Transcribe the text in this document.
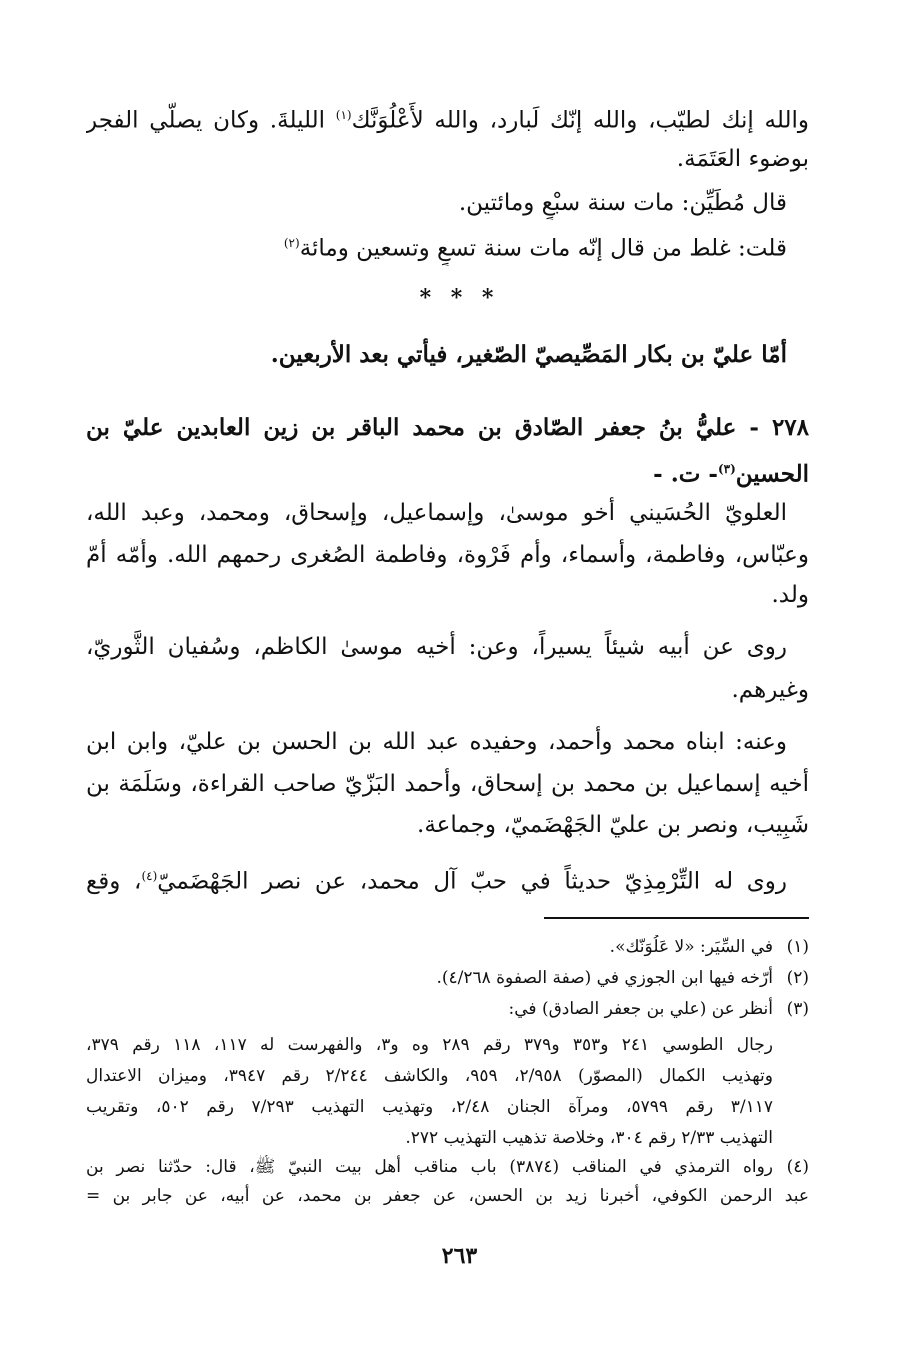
والله إنك لطيّب، والله إنّك لَبارد، والله لأَعْلُوَنَّك$^{(١)}$ الليلةَ. وكان يصلّي الفجر
بوضوء العَتَمَة.
قال مُطَيِّن: مات سنة سبْعٍ ومائتين.
قلت: غلط من قال إنّه مات سنة تسعٍ وتسعين ومائة$^{(٢)}$
* * *
أمّا عليّ بن بكار المَصِّيصيّ الصّغير، فيأتي بعد الأربعين.
٢٧٨ - عليُّ بنُ جعفر الصّادق بن محمد الباقر بن زين العابدين عليّ بن
الحسين$^{(٣)}$- ت. -
العلويّ الحُسَيني أخو موسىٰ، وإسماعيل، وإسحاق، ومحمد، وعبد الله،
وعبّاس، وفاطمة، وأسماء، وأم فَرْوة، وفاطمة الصُغرى رحمهم الله. وأُمّه أمّ
ولد.
روى عن أبيه شيئاً يسيراً، وعن: أخيه موسىٰ الكاظم، وسُفيان الثَّوريّ،
وغيرهم.
وعنه: ابناه محمد وأحمد، وحفيده عبد الله بن الحسن بن عليّ، وابن ابن
أخيه إسماعيل بن محمد بن إسحاق، وأحمد البَزّيّ صاحب القراءة، وسَلَمَة بن
شَبِيب، ونصر بن عليّ الجَهْضَميّ، وجماعة.
روى له التِّرْمِذِيّ حديثاً في حبّ آل محمد، عن نصر الجَهْضَميّ$^{(٤)}$، وقع
(١)في السِّيَر: «لا عَلُوَنّك».
(٢)أرّخه فيها ابن الجوزي في (صفة الصفوة ٤/٢٦٨).
(٣)أنظر عن (علي بن جعفر الصادق) في:
رجال الطوسي ٢٤١ و٣٥٣ و٣٧٩ رقم ٢٨٩ وه و٣، والفهرست له ١١٧، ١١٨ رقم ٣٧٩،
وتهذيب الكمال (المصوّر) ٢/٩٥٨، ٩٥٩، والكاشف ٢/٢٤٤ رقم ٣٩٤٧، وميزان الاعتدال
٣/١١٧ رقم ٥٧٩٩، ومرآة الجنان ٢/٤٨، وتهذيب التهذيب ٧/٢٩٣ رقم ٥٠٢، وتقريب
التهذيب ٢/٣٣ رقم ٣٠٤، وخلاصة تذهيب التهذيب ٢٧٢.
(٤)رواه الترمذي في المناقب (٣٨٧٤) باب مناقب أهل بيت النبيّ ﷺ، قال: حدّثنا نصر بن
عبد الرحمن الكوفي، أخبرنا زيد بن الحسن، عن جعفر بن محمد، عن أبيه، عن جابر بن =
٢٦٣
